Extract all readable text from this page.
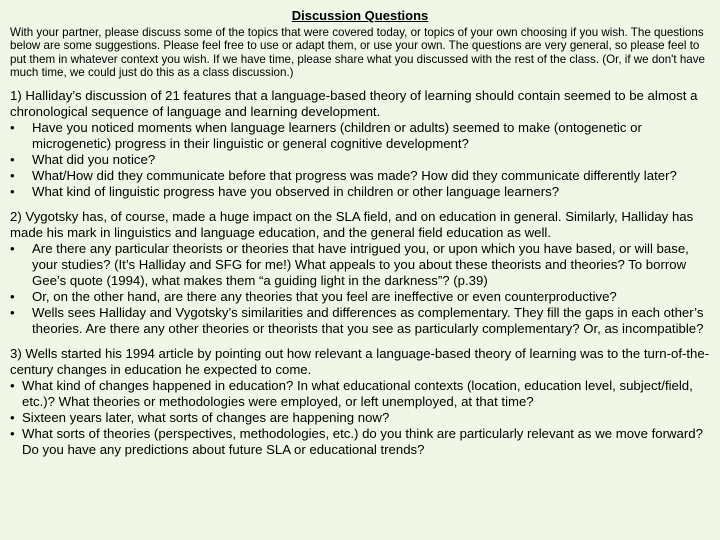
Discussion Questions

With your partner, please discuss some of the topics that were covered today, or topics of your own choosing if you wish. The questions below are some suggestions. Please feel free to use or adapt them, or use your own. The questions are very general, so please feel to put them in whatever context you wish. If we have time, please share what you discussed with the rest of the class. (Or, if we don't have much time, we could just do this as a class discussion.)

1) Halliday’s discussion of 21 features that a language-based theory of learning should contain seemed to be almost a chronological sequence of language and learning development.

• Have you noticed moments when language learners (children or adults) seemed to make (ontogenetic or microgenetic) progress in their linguistic or general cognitive development?
• What did you notice?
• What/How did they communicate before that progress was made? How did they communicate differently later?
• What kind of linguistic progress have you observed in children or other language learners?

2) Vygotsky has, of course, made a huge impact on the SLA field, and on education in general. Similarly, Halliday has made his mark in linguistics and language education, and the general field education as well.

• Are there any particular theorists or theories that have intrigued you, or upon which you have based, or will base, your studies? (It’s Halliday and SFG for me!) What appeals to you about these theorists and theories? To borrow Gee’s quote (1994), what makes them “a guiding light in the darkness”? (p.39)
• Or, on the other hand, are there any theories that you feel are ineffective or even counterproductive?
• Wells sees Halliday and Vygotsky’s similarities and differences as complementary. They fill the gaps in each other’s theories. Are there any other theories or theorists that you see as particularly complementary? Or, as incompatible?

3) Wells started his 1994 article by pointing out how relevant a language-based theory of learning was to the turn-of-the-century changes in education he expected to come.

• What kind of changes happened in education? In what educational contexts (location, education level, subject/field, etc.)? What theories or methodologies were employed, or left unemployed, at that time?
• Sixteen years later, what sorts of changes are happening now?
• What sorts of theories (perspectives, methodologies, etc.) do you think are particularly relevant as we move forward? Do you have any predictions about future SLA or educational trends?
